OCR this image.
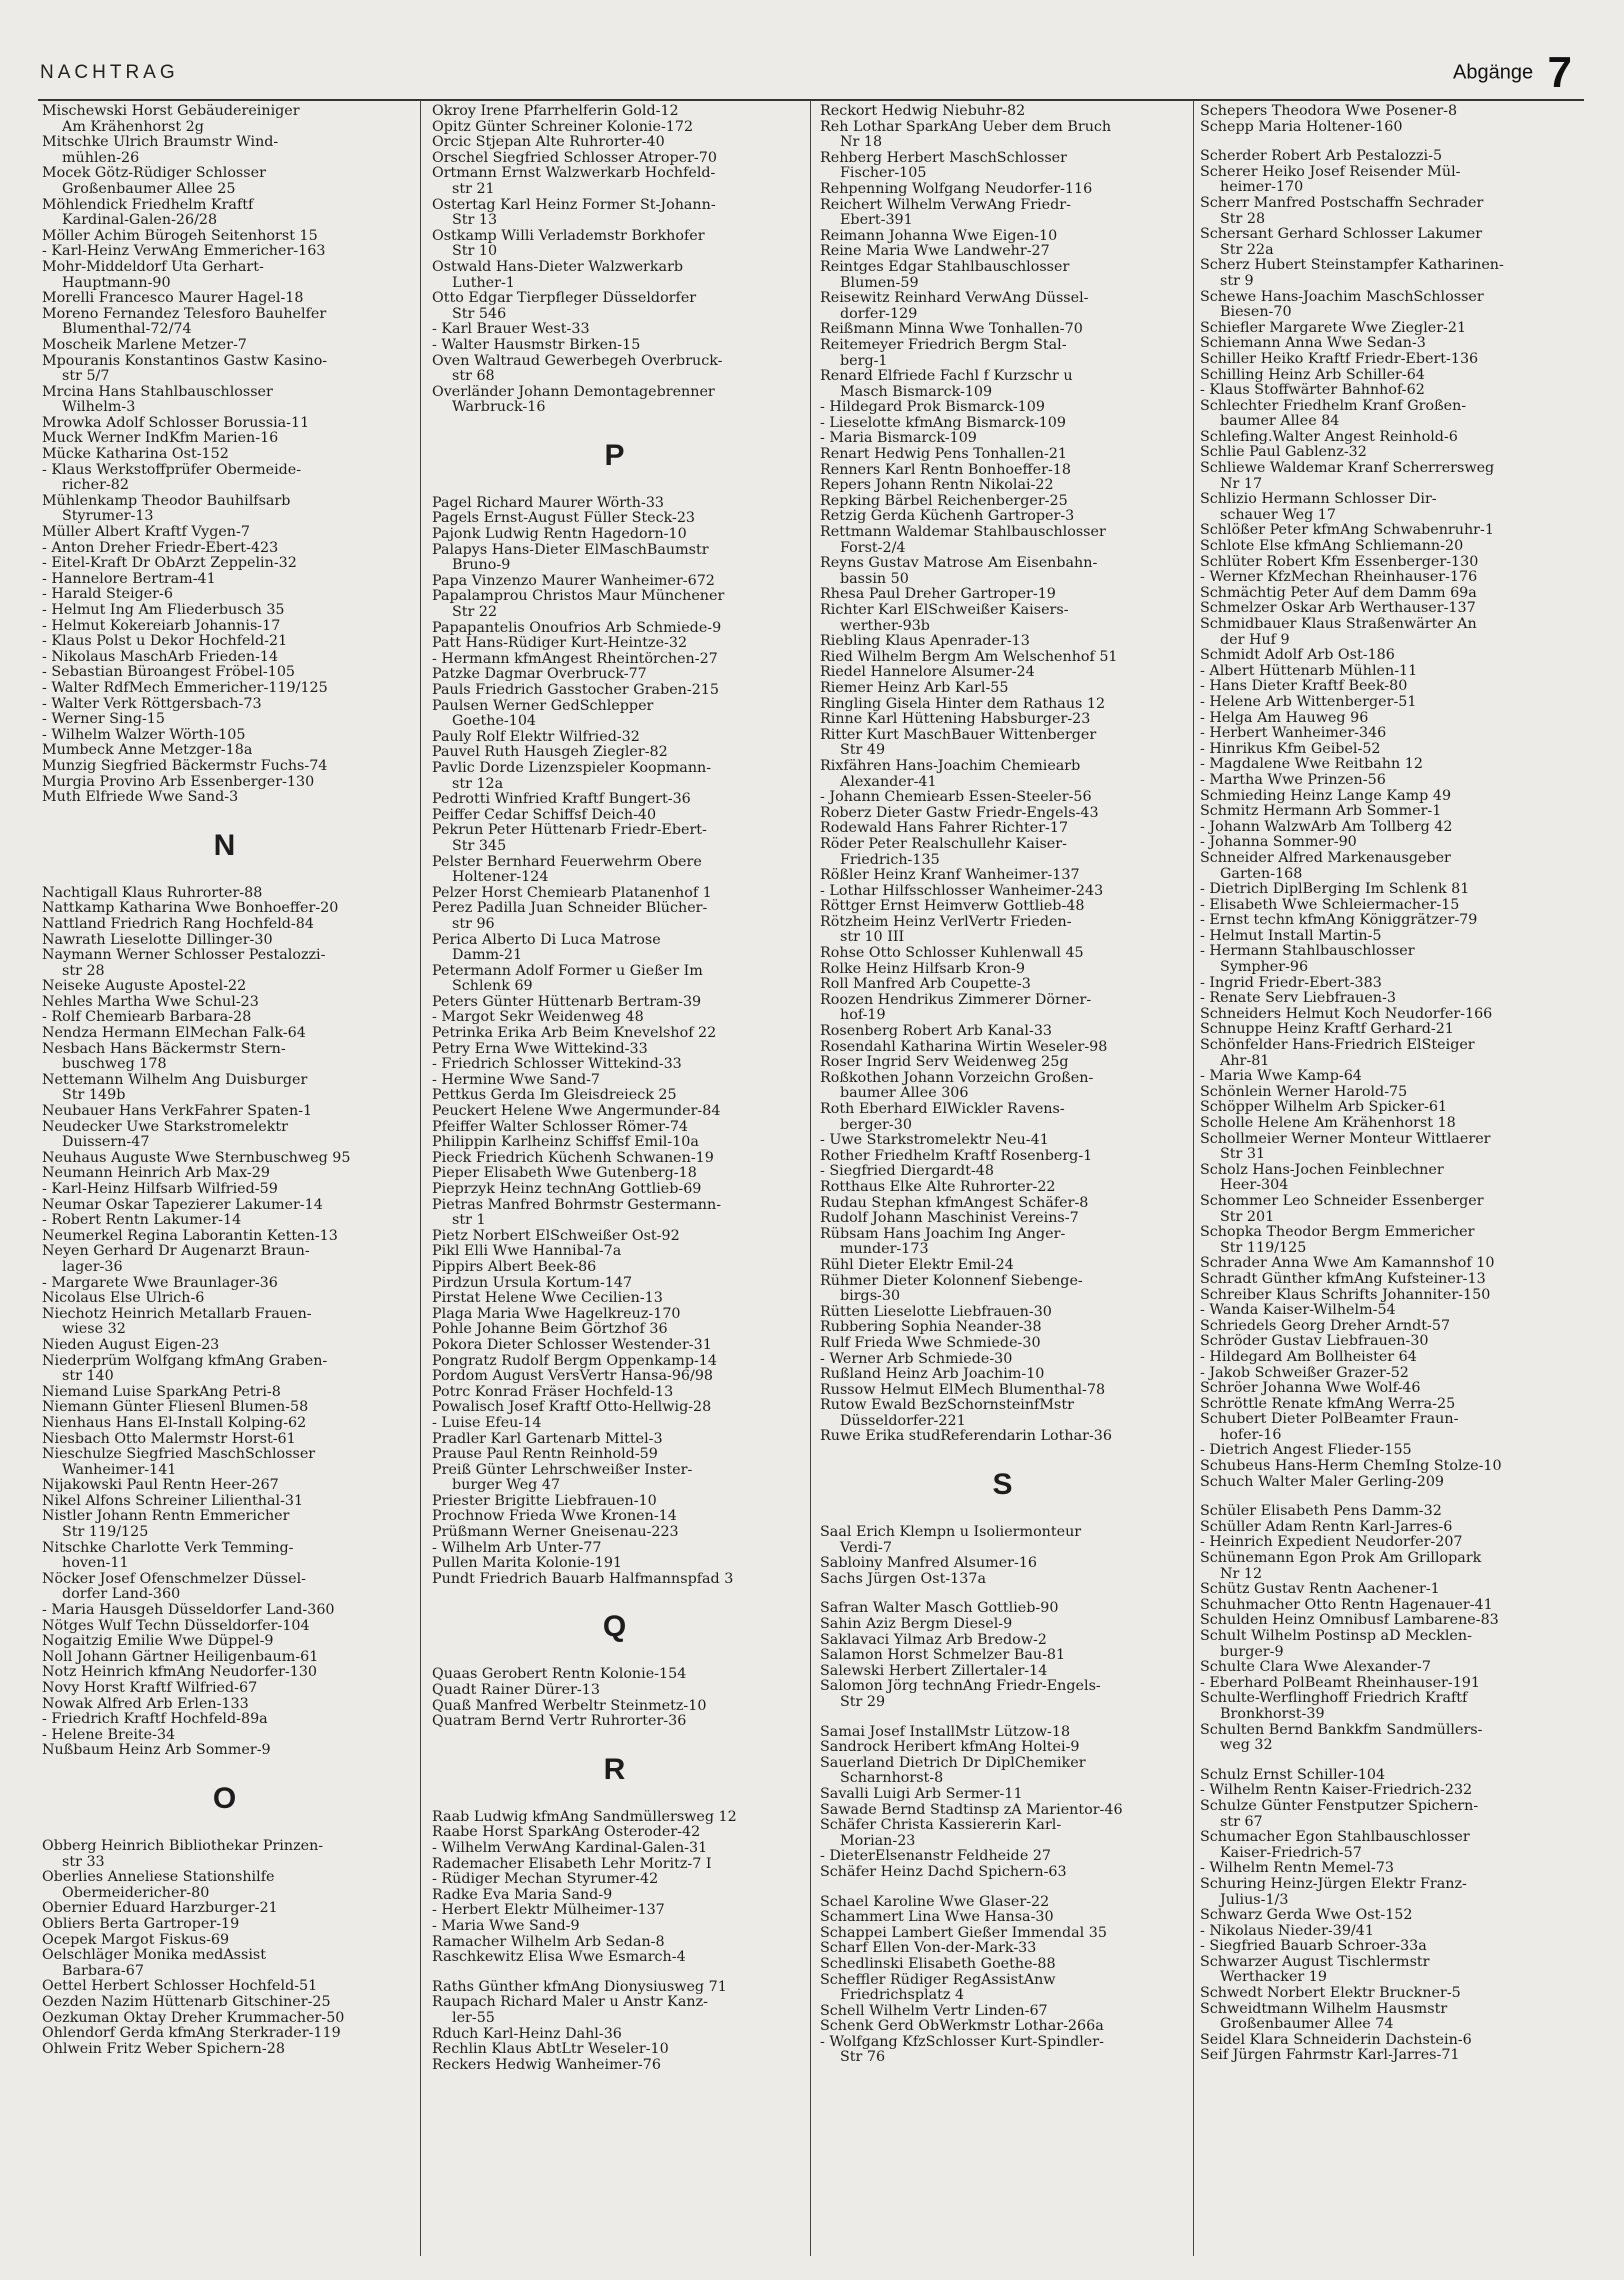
NACHTRAG	Abgänge 7
Mischewski Horst Gebäudereiniger
Am Krähenhorst 2g
Mitschke Ulrich Braumstr Wind-
mühlen-26
Mocek Götz-Rüdiger Schlosser
Großenbaumer Allee 25
Möhlendick Friedhelm Kraftf
Kardinal-Galen-26/28
Möller Achim Bürogeh Seitenhorst 15
- Karl-Heinz VerwAng Emmericher-163
Mohr-Middeldorf Uta Gerhart-
Hauptmann-90
Morelli Francesco Maurer Hagel-18
Moreno Fernandez Telesforo Bauhelfer
Blumenthal-72/74
Moscheik Marlene Metzer-7
Mpouranis Konstantinos Gastw Kasino-
str 5/7
Mrcina Hans Stahlbauschlosser
Wilhelm-3
Mrowka Adolf Schlosser Borussia-11
Muck Werner IndKfm Marien-16
Mücke Katharina Ost-152
- Klaus Werkstoffprüfer Obermeide-
richer-82
Mühlenkamp Theodor Bauhilfsarb
Styrumer-13
Müller Albert Kraftf Vygen-7
- Anton Dreher Friedr-Ebert-423
- Eitel-Kraft Dr ObArzt Zeppelin-32
- Hannelore Bertram-41
- Harald Steiger-6
- Helmut Ing Am Fliederbusch 35
- Helmut Kokereiarb Johannis-17
- Klaus Polst u Dekor Hochfeld-21
- Nikolaus MaschArb Frieden-14
- Sebastian Büroangest Fröbel-105
- Walter RdfMech Emmericher-119/125
- Walter Verk Röttgersbach-73
- Werner Sing-15
- Wilhelm Walzer Wörth-105
Mumbeck Anne Metzger-18a
Munzig Siegfried Bäckermstr Fuchs-74
Murgia Provino Arb Essenberger-130
Muth Elfriede Wwe Sand-3
N
Nachtigall Klaus Ruhrorter-88
Nattkamp Katharina Wwe Bonhoeffer-20
Nattland Friedrich Rang Hochfeld-84
Nawrath Lieselotte Dillinger-30
Naymann Werner Schlosser Pestalozzi-
str 28
Neiseke Auguste Apostel-22
Nehles Martha Wwe Schul-23
- Rolf Chemiearb Barbara-28
Nendza Hermann ElMechan Falk-64
Nesbach Hans Bäckermstr Stern-
buschweg 178
Nettemann Wilhelm Ang Duisburger
Str 149b
Neubauer Hans VerkFahrer Spaten-1
Neudecker Uwe Starkstromelektr
Duissern-47
Neuhaus Auguste Wwe Sternbuschweg 95
Neumann Heinrich Arb Max-29
- Karl-Heinz Hilfsarb Wilfried-59
Neumar Oskar Tapezierer Lakumer-14
- Robert Rentn Lakumer-14
Neumerkel Regina Laborantin Ketten-13
Neyen Gerhard Dr Augenarzt Braun-
lager-36
- Margarete Wwe Braunlager-36
Nicolaus Else Ulrich-6
Niechotz Heinrich Metallarb Frauen-
wiese 32
Nieden August Eigen-23
Niederprüm Wolfgang kfmAng Graben-
str 140
Niemand Luise SparkAng Petri-8
Niemann Günter Fliesenl Blumen-58
Nienhaus Hans El-Install Kolping-62
Niesbach Otto Malermstr Horst-61
Nieschulze Siegfried MaschSchlosser
Wanheimer-141
Nijakowski Paul Rentn Heer-267
Nikel Alfons Schreiner Lilienthal-31
Nistler Johann Rentn Emmericher
Str 119/125
Nitschke Charlotte Verk Temming-
hoven-11
Nöcker Josef Ofenschmelzer Düssel-
dorfer Land-360
- Maria Hausgeh Düsseldorfer Land-360
Nötges Wulf Techn Düsseldorfer-104
Nogaitzig Emilie Wwe Düppel-9
Noll Johann Gärtner Heiligenbaum-61
Notz Heinrich kfmAng Neudorfer-130
Novy Horst Kraftf Wilfried-67
Nowak Alfred Arb Erlen-133
- Friedrich Kraftf Hochfeld-89a
- Helene Breite-34
Nußbaum Heinz Arb Sommer-9
O
Obberg Heinrich Bibliothekar Prinzen-
str 33
Oberlies Anneliese Stationshilfe
Obermeidericher-80
Obernier Eduard Harzburger-21
Obliers Berta Gartroper-19
Ocepek Margot Fiskus-69
Oelschläger Monika medAssist
Barbara-67
Oettel Herbert Schlosser Hochfeld-51
Oezden Nazim Hüttenarb Gitschiner-25
Oezkuman Oktay Dreher Krummacher-50
Ohlendorf Gerda kfmAng Sterkrader-119
Ohlwein Fritz Weber Spichern-28
Okroy Irene Pfarrhelferin Gold-12
Opitz Günter Schreiner Kolonie-172
Orcic Stjepan Alte Ruhrorter-40
Orschel Siegfried Schlosser Atroper-70
Ortmann Ernst Walzwerkarb Hochfeld-
str 21
Ostertag Karl Heinz Former St-Johann-
Str 13
Ostkamp Willi Verlademstr Borkhofer
Str 10
Ostwald Hans-Dieter Walzwerkarb
Luther-1
Otto Edgar Tierpfleger Düsseldorfer
Str 546
- Karl Brauer West-33
- Walter Hausmstr Birken-15
Oven Waltraud Gewerbegeh Overbruck-
str 68
Overländer Johann Demontagebrenner
Warbruck-16
P
Pagel Richard Maurer Wörth-33
Pagels Ernst-August Füller Steck-23
Pajonk Ludwig Rentn Hagedorn-10
Palapys Hans-Dieter ElMaschBaumstr
Bruno-9
Papa Vinzenzo Maurer Wanheimer-672
Papalamprou Christos Maur Münchener
Str 22
Papapantelis Onoufrios Arb Schmiede-9
Patt Hans-Rüdiger Kurt-Heintze-32
- Hermann kfmAngest Rheintörchen-27
Patzke Dagmar Overbruck-77
Pauls Friedrich Gasstocher Graben-215
Paulsen Werner GedSchlepper
Goethe-104
Pauly Rolf Elektr Wilfried-32
Pauvel Ruth Hausgeh Ziegler-82
Pavlic Dorde Lizenzspieler Koopmann-
str 12a
Pedrotti Winfried Kraftf Bungert-36
Peiffer Cedar Schiffsf Deich-40
Pekrun Peter Hüttenarb Friedr-Ebert-
Str 345
Pelster Bernhard Feuerwehrm Obere
Holtener-124
Pelzer Horst Chemiearb Platanenhof 1
Perez Padilla Juan Schneider Blücher-
str 96
Perica Alberto Di Luca Matrose
Damm-21
Petermann Adolf Former u Gießer Im
Schlenk 69
Peters Günter Hüttenarb Bertram-39
- Margot Sekr Weidenweg 48
Petrinka Erika Arb Beim Knevelshof 22
Petry Erna Wwe Wittekind-33
- Friedrich Schlosser Wittekind-33
- Hermine Wwe Sand-7
Pettkus Gerda Im Gleisdreieck 25
Peuckert Helene Wwe Angermunder-84
Pfeiffer Walter Schlosser Römer-74
Philippin Karlheinz Schiffsf Emil-10a
Pieck Friedrich Küchenh Schwanen-19
Pieper Elisabeth Wwe Gutenberg-18
Pieprzyk Heinz technAng Gottlieb-69
Pietras Manfred Bohrmstr Gestermann-
str 1
Pietz Norbert ElSchweißer Ost-92
Pikl Elli Wwe Hannibal-7a
Pippirs Albert Beek-86
Pirdzun Ursula Kortum-147
Pirstat Helene Wwe Cecilien-13
Plaga Maria Wwe Hagelkreuz-170
Pohle Johanne Beim Görtzhof 36
Pokora Dieter Schlosser Westender-31
Pongratz Rudolf Bergm Oppenkamp-14
Pordom August VersVertr Hansa-96/98
Potrc Konrad Fräser Hochfeld-13
Powalisch Josef Kraftf Otto-Hellwig-28
- Luise Efeu-14
Pradler Karl Gartenarb Mittel-3
Prause Paul Rentn Reinhold-59
Preiß Günter Lehrschweißer Inster-
burger Weg 47
Priester Brigitte Liebfrauen-10
Prochnow Frieda Wwe Kronen-14
Prüßmann Werner Gneisenau-223
- Wilhelm Arb Unter-77
Pullen Marita Kolonie-191
Pundt Friedrich Bauarb Halfmannspfad 3
Q
Quaas Gerobert Rentn Kolonie-154
Quadt Rainer Dürer-13
Quaß Manfred Werbeltr Steinmetz-10
Quatram Bernd Vertr Ruhrorter-36
R
Raab Ludwig kfmAng Sandmüllersweg 12
Raabe Horst SparkAng Osteroder-42
- Wilhelm VerwAng Kardinal-Galen-31
Rademacher Elisabeth Lehr Moritz-7 I
- Rüdiger Mechan Styrumer-42
Radke Eva Maria Sand-9
- Herbert Elektr Mülheimer-137
- Maria Wwe Sand-9
Ramacher Wilhelm Arb Sedan-8
Raschkewitz Elisa Wwe Esmarch-4
Raths Günther kfmAng Dionysiusweg 71
Raupach Richard Maler u Anstr Kanz-
ler-55
Rduch Karl-Heinz Dahl-36
Rechlin Klaus AbtLtr Weseler-10
Reckers Hedwig Wanheimer-76
Reckort Hedwig Niebuhr-82
Reh Lothar SparkAng Ueber dem Bruch
Nr 18
Rehberg Herbert MaschSchlosser
Fischer-105
Rehpenning Wolfgang Neudorfer-116
Reichert Wilhelm VerwAng Friedr-
Ebert-391
Reimann Johanna Wwe Eigen-10
Reine Maria Wwe Landwehr-27
Reintges Edgar Stahlbauschlosser
Blumen-59
Reisewitz Reinhard VerwAng Düssel-
dorfer-129
Reißmann Minna Wwe Tonhallen-70
Reitemeyer Friedrich Bergm Stal-
berg-1
Renard Elfriede Fachl f Kurzschr u
Masch Bismarck-109
- Hildegard Prok Bismarck-109
- Lieselotte kfmAng Bismarck-109
- Maria Bismarck-109
Renart Hedwig Pens Tonhallen-21
Renners Karl Rentn Bonhoeffer-18
Repers Johann Rentn Nikolai-22
Repking Bärbel Reichenberger-25
Retzig Gerda Küchenh Gartroper-3
Rettmann Waldemar Stahlbauschlosser
Forst-2/4
Reyns Gustav Matrose Am Eisenbahn-
bassin 50
Rhesa Paul Dreher Gartroper-19
Richter Karl ElSchweißer Kaisers-
werther-93b
Riebling Klaus Apenrader-13
Ried Wilhelm Bergm Am Welschenhof 51
Riedel Hannelore Alsumer-24
Riemer Heinz Arb Karl-55
Ringling Gisela Hinter dem Rathaus 12
Rinne Karl Hüttening Habsburger-23
Ritter Kurt MaschBauer Wittenberger
Str 49
Rixfähren Hans-Joachim Chemiearb
Alexander-41
- Johann Chemiearb Essen-Steeler-56
Roberz Dieter Gastw Friedr-Engels-43
Rodewald Hans Fahrer Richter-17
Röder Peter Realschullehr Kaiser-
Friedrich-135
Rößler Heinz Kranf Wanheimer-137
- Lothar Hilfsschlosser Wanheimer-243
Röttger Ernst Heimverw Gottlieb-48
Rötzheim Heinz VerlVertr Frieden-
str 10 III
Rohse Otto Schlosser Kuhlenwall 45
Rolke Heinz Hilfsarb Kron-9
Roll Manfred Arb Coupette-3
Roozen Hendrikus Zimmerer Dörner-
hof-19
Rosenberg Robert Arb Kanal-33
Rosendahl Katharina Wirtin Weseler-98
Roser Ingrid Serv Weidenweg 25g
Roßkothen Johann Vorzeichn Großen-
baumer Allee 306
Roth Eberhard ElWickler Ravens-
berger-30
- Uwe Starkstromelektr Neu-41
Rother Friedhelm Kraftf Rosenberg-1
- Siegfried Diergardt-48
Rotthaus Elke Alte Ruhrorter-22
Rudau Stephan kfmAngest Schäfer-8
Rudolf Johann Maschinist Vereins-7
Rübsam Hans Joachim Ing Anger-
munder-173
Rühl Dieter Elektr Emil-24
Rühmer Dieter Kolonnenf Siebenge-
birgs-30
Rütten Lieselotte Liebfrauen-30
Rubbering Sophia Neander-38
Rulf Frieda Wwe Schmiede-30
- Werner Arb Schmiede-30
Rußland Heinz Arb Joachim-10
Russow Helmut ElMech Blumenthal-78
Rutow Ewald BezSchornsteinfMstr
Düsseldorfer-221
Ruwe Erika studReferendarin Lothar-36
S
Saal Erich Klempn u Isoliermonteur
Verdi-7
Sabloiny Manfred Alsumer-16
Sachs Jürgen Ost-137a
Safran Walter Masch Gottlieb-90
Sahin Aziz Bergm Diesel-9
Saklavaci Yilmaz Arb Bredow-2
Salamon Horst Schmelzer Bau-81
Salewski Herbert Zillertaler-14
Salomon Jörg technAng Friedr-Engels-
Str 29
Samai Josef InstallMstr Lützow-18
Sandrock Heribert kfmAng Holtei-9
Sauerland Dietrich Dr DiplChemiker
Scharnhorst-8
Savalli Luigi Arb Sermer-11
Sawade Bernd Stadtinsp zA Marientor-46
Schäfer Christa Kassiererin Karl-
Morian-23
- DieterElsenanstr Feldheide 27
Schäfer Heinz Dachd Spichern-63
Schael Karoline Wwe Glaser-22
Schammert Lina Wwe Hansa-30
Schappei Lambert Gießer Immendal 35
Scharf Ellen Von-der-Mark-33
Schedlinski Elisabeth Goethe-88
Scheffler Rüdiger RegAssistAnw
Friedrichsplatz 4
Schell Wilhelm Vertr Linden-67
Schenk Gerd ObWerkmstr Lothar-266a
- Wolfgang KfzSchlosser Kurt-Spindler-
Str 76
Schepers Theodora Wwe Posener-8
Schepp Maria Holtener-160
Scherder Robert Arb Pestalozzi-5
Scherer Heiko Josef Reisender Mül-
heimer-170
Scherr Manfred Postschaffn Sechrader
Str 28
Schersant Gerhard Schlosser Lakumer
Str 22a
Scherz Hubert Steinstampfer Katharinen-
str 9
Schewe Hans-Joachim MaschSchlosser
Biesen-70
Schiefler Margarete Wwe Ziegler-21
Schiemann Anna Wwe Sedan-3
Schiller Heiko Kraftf Friedr-Ebert-136
Schilling Heinz Arb Schiller-64
- Klaus Stoffwärter Bahnhof-62
Schlechter Friedhelm Kranf Großen-
baumer Allee 84
Schlefing.Walter Angest Reinhold-6
Schlie Paul Gablenz-32
Schliewe Waldemar Kranf Scherrersweg
Nr 17
Schlizio Hermann Schlosser Dir-
schauer Weg 17
Schlößer Peter kfmAng Schwabenruhr-1
Schlote Else kfmAng Schliemann-20
Schlüter Robert Kfm Essenberger-130
- Werner KfzMechan Rheinhauser-176
Schmächtig Peter Auf dem Damm 69a
Schmelzer Oskar Arb Werthauser-137
Schmidbauer Klaus Straßenwärter An
der Huf 9
Schmidt Adolf Arb Ost-186
- Albert Hüttenarb Mühlen-11
- Hans Dieter Kraftf Beek-80
- Helene Arb Wittenberger-51
- Helga Am Hauweg 96
- Herbert Wanheimer-346
- Hinrikus Kfm Geibel-52
- Magdalene Wwe Reitbahn 12
- Martha Wwe Prinzen-56
Schmieding Heinz Lange Kamp 49
Schmitz Hermann Arb Sommer-1
- Johann WalzwArb Am Tollberg 42
- Johanna Sommer-90
Schneider Alfred Markenausgeber
Garten-168
- Dietrich DiplBerging Im Schlenk 81
- Elisabeth Wwe Schleiermacher-15
- Ernst techn kfmAng Königgrätzer-79
- Helmut Install Martin-5
- Hermann Stahlbauschlosser
Sympher-96
- Ingrid Friedr-Ebert-383
- Renate Serv Liebfrauen-3
Schneiders Helmut Koch Neudorfer-166
Schnuppe Heinz Kraftf Gerhard-21
Schönfelder Hans-Friedrich ElSteiger
Ahr-81
- Maria Wwe Kamp-64
Schönlein Werner Harold-75
Schöpper Wilhelm Arb Spicker-61
Scholle Helene Am Krähenhorst 18
Schollmeier Werner Monteur Wittlaerer
Str 31
Scholz Hans-Jochen Feinblechner
Heer-304
Schommer Leo Schneider Essenberger
Str 201
Schopka Theodor Bergm Emmericher
Str 119/125
Schrader Anna Wwe Am Kamannshof 10
Schradt Günther kfmAng Kufsteiner-13
Schreiber Klaus Schrifts Johanniter-150
- Wanda Kaiser-Wilhelm-54
Schriedels Georg Dreher Arndt-57
Schröder Gustav Liebfrauen-30
- Hildegard Am Bollheister 64
- Jakob Schweißer Grazer-52
Schröer Johanna Wwe Wolf-46
Schröttle Renate kfmAng Werra-25
Schubert Dieter PolBeamter Fraun-
hofer-16
- Dietrich Angest Flieder-155
Schubeus Hans-Herm ChemIng Stolze-10
Schuch Walter Maler Gerling-209
Schüler Elisabeth Pens Damm-32
Schüller Adam Rentn Karl-Jarres-6
- Heinrich Expedient Neudorfer-207
Schünemann Egon Prok Am Grillopark
Nr 12
Schütz Gustav Rentn Aachener-1
Schuhmacher Otto Rentn Hagenauer-41
Schulden Heinz Omnibusf Lambarene-83
Schult Wilhelm Postinsp aD Mecklen-
burger-9
Schulte Clara Wwe Alexander-7
- Eberhard PolBeamt Rheinhauser-191
Schulte-Werflinghoff Friedrich Kraftf
Bronkhorst-39
Schulten Bernd Bankkfm Sandmüllers-
weg 32
Schulz Ernst Schiller-104
- Wilhelm Rentn Kaiser-Friedrich-232
Schulze Günter Fenstputzer Spichern-
str 67
Schumacher Egon Stahlbauschlosser
Kaiser-Friedrich-57
- Wilhelm Rentn Memel-73
Schuring Heinz-Jürgen Elektr Franz-
Julius-1/3
Schwarz Gerda Wwe Ost-152
- Nikolaus Nieder-39/41
- Siegfried Bauarb Schroer-33a
Schwarzer August Tischlermstr
Werthacker 19
Schwedt Norbert Elektr Bruckner-5
Schweidtmann Wilhelm Hausmstr
Großenbaumer Allee 74
Seidel Klara Schneiderin Dachstein-6
Seif Jürgen Fahrmstr Karl-Jarres-71
